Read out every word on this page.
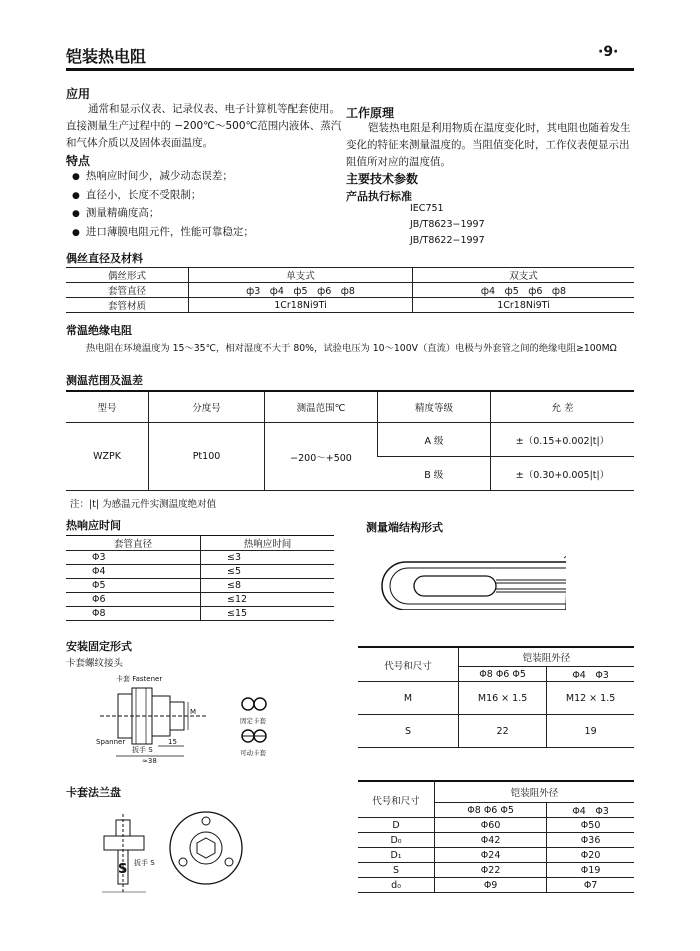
铠装热电阻	·9·
应用
通常和显示仪表、记录仪表、电子计算机等配套使用。
直接测量生产过程中的 −200℃～500℃范围内液体、蒸汽
和气体介质以及固体表面温度。
特点
● 热响应时间少，减少动态误差；
● 直径小，长度不受限制；
● 测量精确度高；
● 进口薄膜电阻元件，性能可靠稳定；
工作原理
铠装热电阻是利用物质在温度变化时，其电阻也随着发生
变化的特征来测量温度的。当阻值变化时，工作仪表便显示出
阻值所对应的温度值。
主要技术参数
产品执行标准
IEC751
JB/T8623−1997
JB/T8622−1997
偶丝直径及材料
偶丝形式	单支式	双支式
套管直径	ф3　ф4　ф5　ф6　ф8	ф4　ф5　ф6　ф8
套管材质	1Cr18Ni9Ti	1Cr18Ni9Ti
常温绝缘电阻
热电阻在环境温度为 15～35℃，相对湿度不大于 80%，试验电压为 10～100V（直流）电极与外套管之间的绝缘电阻≥100MΩ
测温范围及温差
型号	分度号	测温范围℃	精度等级	允 差
WZPK	Pt100	−200～+500	A 级	±（0.15+0.002|t|）
			B 级	±（0.30+0.005|t|）
注：|t| 为感温元件实测温度绝对值
热响应时间
套管直径	热响应时间
Φ3	≤3
Φ4	≤5
Φ5	≤8
Φ6	≤12
Φ8	≤15
测量端结构形式
安装固定形式
卡套螺纹接头
卡套 Fastener
Spanner
扳手 S
M
15
≈38
固定卡套
可动卡套
代号和尺寸	铠装阻外径	
	Φ8 Φ6 Φ5	Φ4　Φ3
M	M16 × 1.5	M12 × 1.5
S	22	19
卡套法兰盘
S 扳手 S
代号和尺寸	铠装阻外径	
	Φ8 Φ6 Φ5	Φ4　Φ3
D	Φ60	Φ50
D₀	Φ42	Φ36
D₁	Φ24	Φ20
S	Φ22	Φ19
d₀	Φ9	Φ7
